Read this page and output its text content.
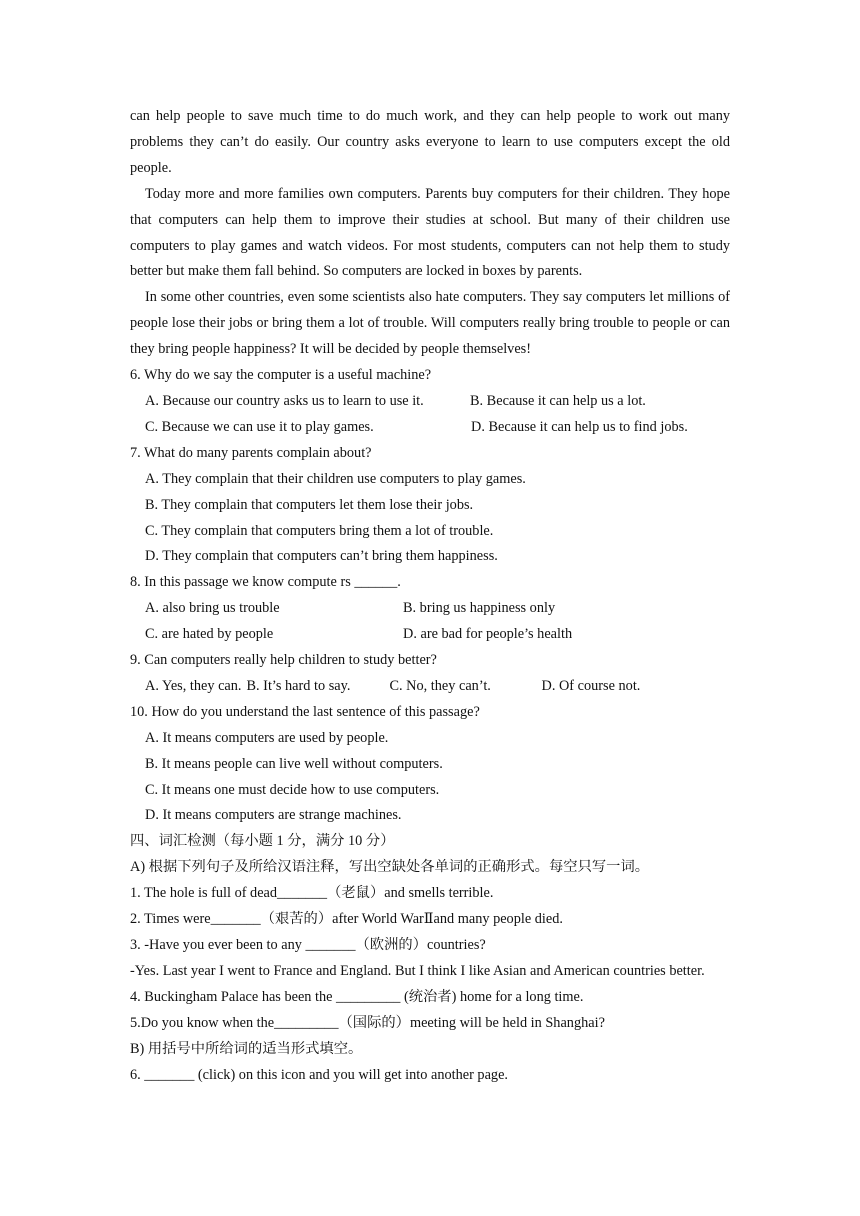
can help people to save much time to do much work, and they can help people to work out many problems they can’t do easily. Our country asks everyone to learn to use computers except the old people.

Today more and more families own computers. Parents buy computers for their children. They hope that computers can help them to improve their studies at school. But many of their children use computers to play games and watch videos. For most students, computers can not help them to study better but make them fall behind. So computers are locked in boxes by parents.

In some other countries, even some scientists also hate computers. They say computers let millions of people lose their jobs or bring them a lot of trouble. Will computers really bring trouble to people or can they bring people happiness? It will be decided by people themselves!

6. Why do we say the computer is a useful machine?

A. Because our country asks us to learn to use it.	B. Because it can help us a lot.
C. Because we can use it to play games.	D. Because it can help us to find jobs.

7. What do many parents complain about?

A. They complain that their children use computers to play games.

B. They complain that computers let them lose their jobs.

C. They complain that computers bring them a lot of trouble.

D. They complain that computers can’t bring them happiness.

8. In this passage we know compute rs ______.

A. also bring us trouble	B. bring us happiness only
C. are hated by people	D. are bad for people’s health

9. Can computers really help children to study better?

A. Yes, they can. B. It’s hard to say.	C. No, they can’t.	D. Of course not.

10. How do you understand the last sentence of this passage?

A. It means computers are used by people.

B. It means people can live well without computers.

C. It means one must decide how to use computers.

D. It means computers are strange machines.

四、词汇检测（每小题 1 分，满分 10 分）

A) 根据下列句子及所给汉语注释，写出空缺处各单词的正确形式。每空只写一词。

1. The hole is full of dead_______（老鼠）and smells terrible.

2. Times were_______（艰苦的）after World WarⅡand many people died.

3. -Have you ever been to any _______（欧洲的）countries?

-Yes. Last year I went to France and England. But I think I like Asian and American countries better.

4. Buckingham Palace has been the _________ (统治者) home for a long time.

5.Do you know when the_________（国际的）meeting will be held in Shanghai?

B) 用括号中所给词的适当形式填空。

6. _______ (click) on this icon and you will get into another page.
